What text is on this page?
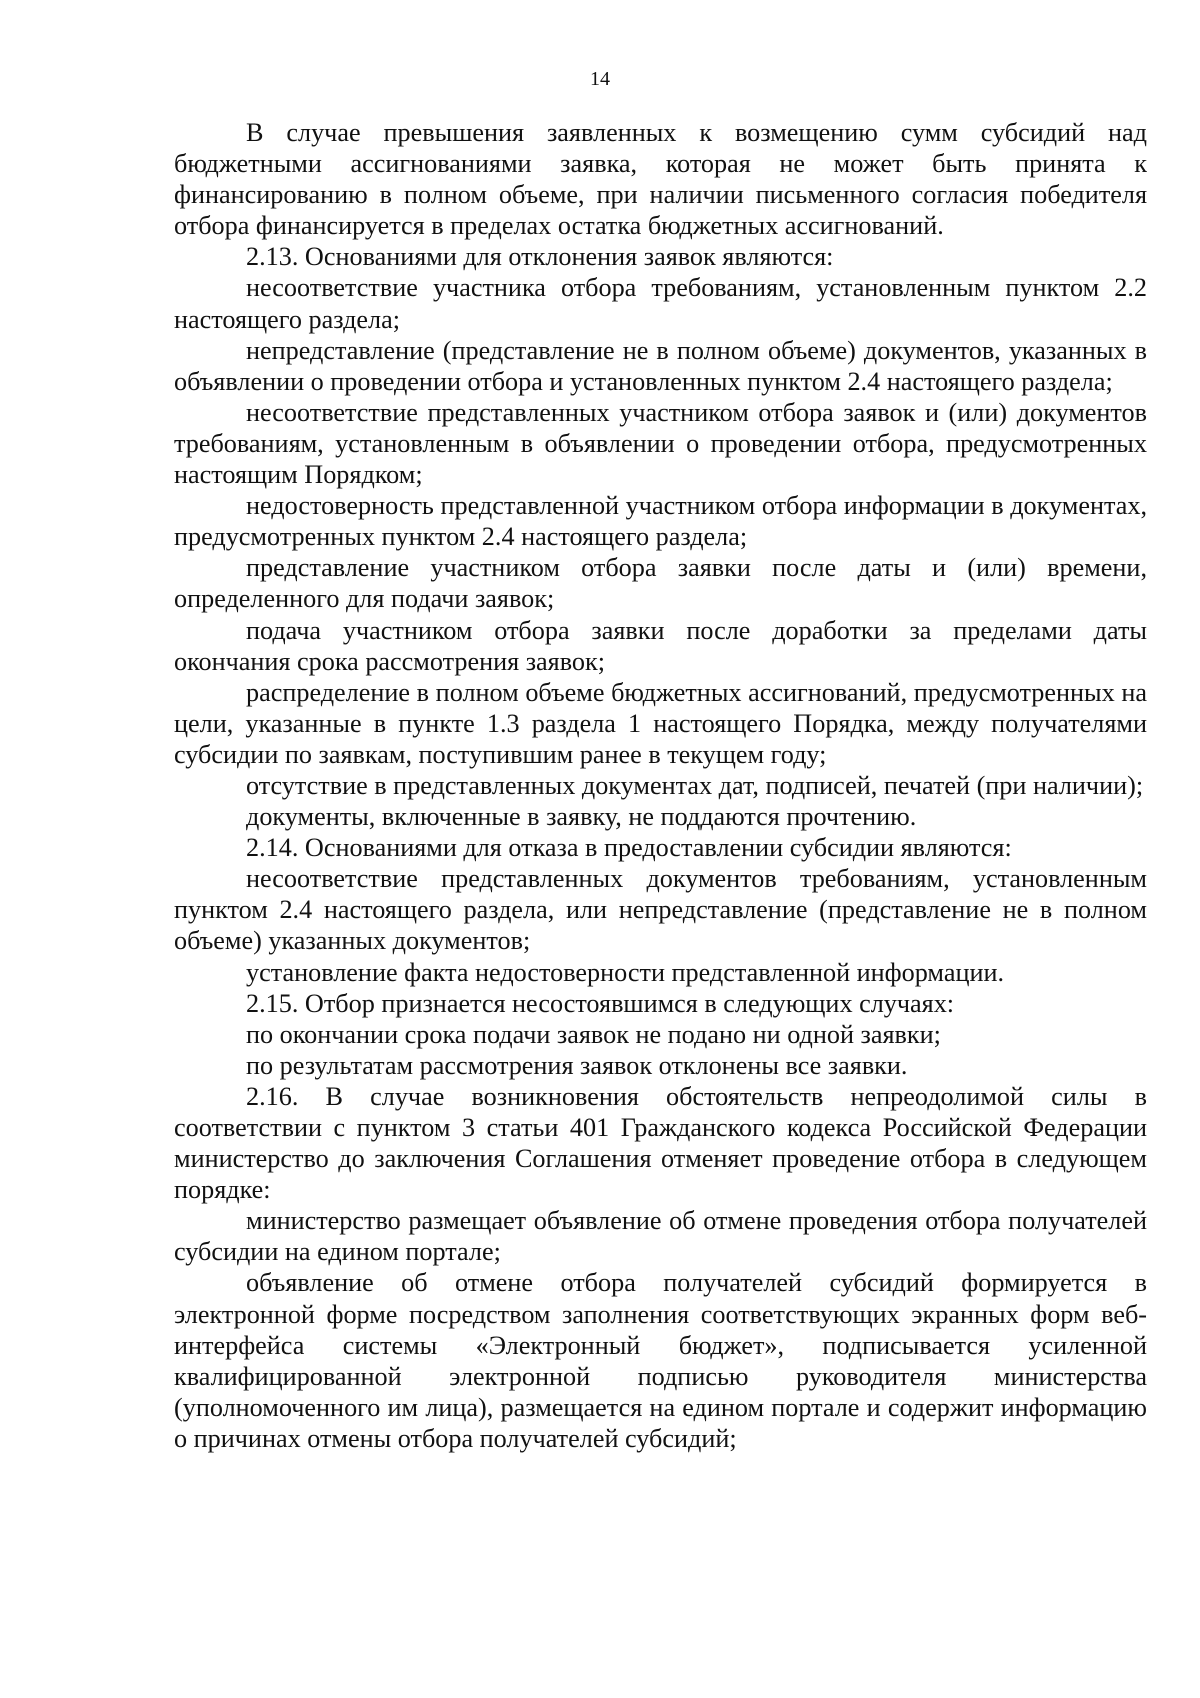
14

В случае превышения заявленных к возмещению сумм субсидий над бюджетными ассигнованиями заявка, которая не может быть принята к финансированию в полном объеме, при наличии письменного согласия победителя отбора финансируется в пределах остатка бюджетных ассигнований.

2.13. Основаниями для отклонения заявок являются:

несоответствие участника отбора требованиям, установленным пунктом 2.2 настоящего раздела;

непредставление (представление не в полном объеме) документов, указанных в объявлении о проведении отбора и установленных пунктом 2.4 настоящего раздела;

несоответствие представленных участником отбора заявок и (или) документов требованиям, установленным в объявлении о проведении отбора, предусмотренных настоящим Порядком;

недостоверность представленной участником отбора информации в документах, предусмотренных пунктом 2.4 настоящего раздела;

представление участником отбора заявки после даты и (или) времени, определенного для подачи заявок;

подача участником отбора заявки после доработки за пределами даты окончания срока рассмотрения заявок;

распределение в полном объеме бюджетных ассигнований, предусмотренных на цели, указанные в пункте 1.3 раздела 1 настоящего Порядка, между получателями субсидии по заявкам, поступившим ранее в текущем году;

отсутствие в представленных документах дат, подписей, печатей (при наличии);

документы, включенные в заявку, не поддаются прочтению.

2.14. Основаниями для отказа в предоставлении субсидии являются:

несоответствие представленных документов требованиям, установленным пунктом 2.4 настоящего раздела, или непредставление (представление не в полном объеме) указанных документов;

установление факта недостоверности представленной информации.

2.15. Отбор признается несостоявшимся в следующих случаях:

по окончании срока подачи заявок не подано ни одной заявки;

по результатам рассмотрения заявок отклонены все заявки.

2.16. В случае возникновения обстоятельств непреодолимой силы в соответствии с пунктом 3 статьи 401 Гражданского кодекса Российской Федерации министерство до заключения Соглашения отменяет проведение отбора в следующем порядке:

министерство размещает объявление об отмене проведения отбора получателей субсидии на едином портале;

объявление об отмене отбора получателей субсидий формируется в электронной форме посредством заполнения соответствующих экранных форм веб-интерфейса системы «Электронный бюджет», подписывается усиленной квалифицированной электронной подписью руководителя министерства (уполномоченного им лица), размещается на едином портале и содержит информацию о причинах отмены отбора получателей субсидий;
